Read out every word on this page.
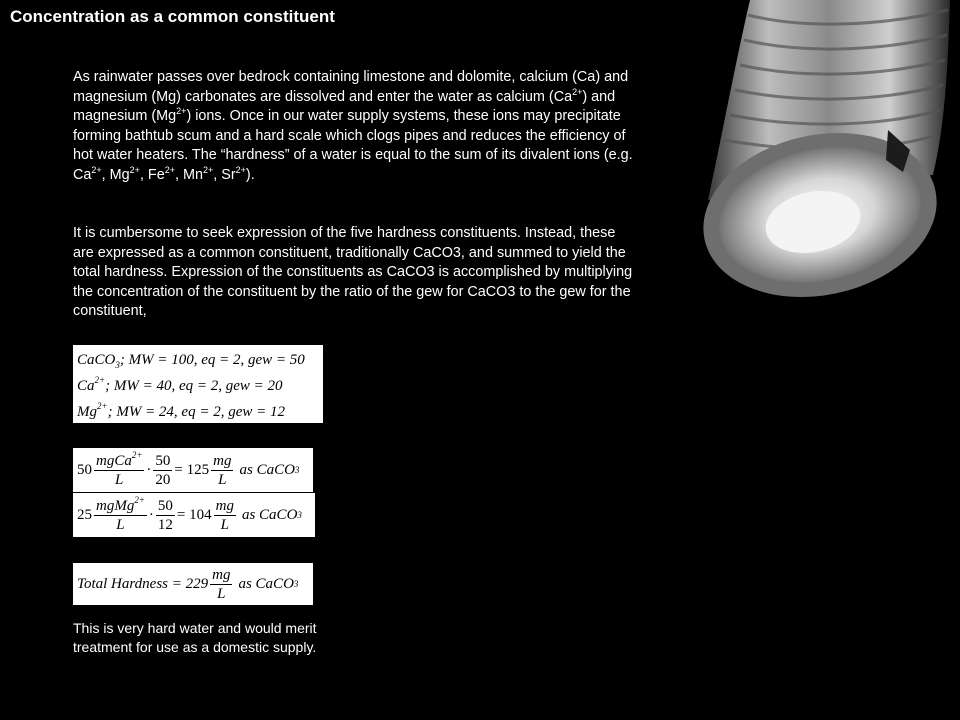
Concentration as a common constituent
As rainwater passes over bedrock containing limestone and dolomite, calcium (Ca) and magnesium (Mg) carbonates are dissolved and enter the water as calcium $(Ca^{2+})$ and magnesium $(Mg^{2+})$ ions. Once in our water supply systems, these ions may precipitate forming bathtub scum and a hard scale which clogs pipes and reduces the efficiency of hot water heaters. The “hardness” of a water is equal to the sum of its divalent ions (e.g. $Ca^{2+}$, $Mg^{2+}$, $Fe^{2+}$, $Mn^{2+}$, $Sr^{2+}$).
It is cumbersome to seek expression of the five hardness constituents. Instead, these are expressed as a common constituent, traditionally CaCO3, and summed to yield the total hardness. Expression of the constituents as CaCO3 is accomplished by multiplying the concentration of the constituent by the ratio of the gew for CaCO3 to the gew for the constituent,
CaCO$_3$; MW = 100, eq = 2, gew = 50
$Ca^{2+}$; MW = 40, eq = 2, gew = 20
$Mg^{2+}$; MW = 24, eq = 2, gew = 12
$50 \frac{mgCa^{2+}}{L} \cdot \frac{50}{20} = 125 \frac{mg}{L}$ as CaCO 3
$25 \frac{mgMg^{2+}}{L} \cdot \frac{50}{12} = 104 \frac{mg}{L}$ as CaCO 3
Total Hardness = $229 \frac{mg}{L}$ as CaCO 3
This is very hard water and would merit treatment for use as a domestic supply.
